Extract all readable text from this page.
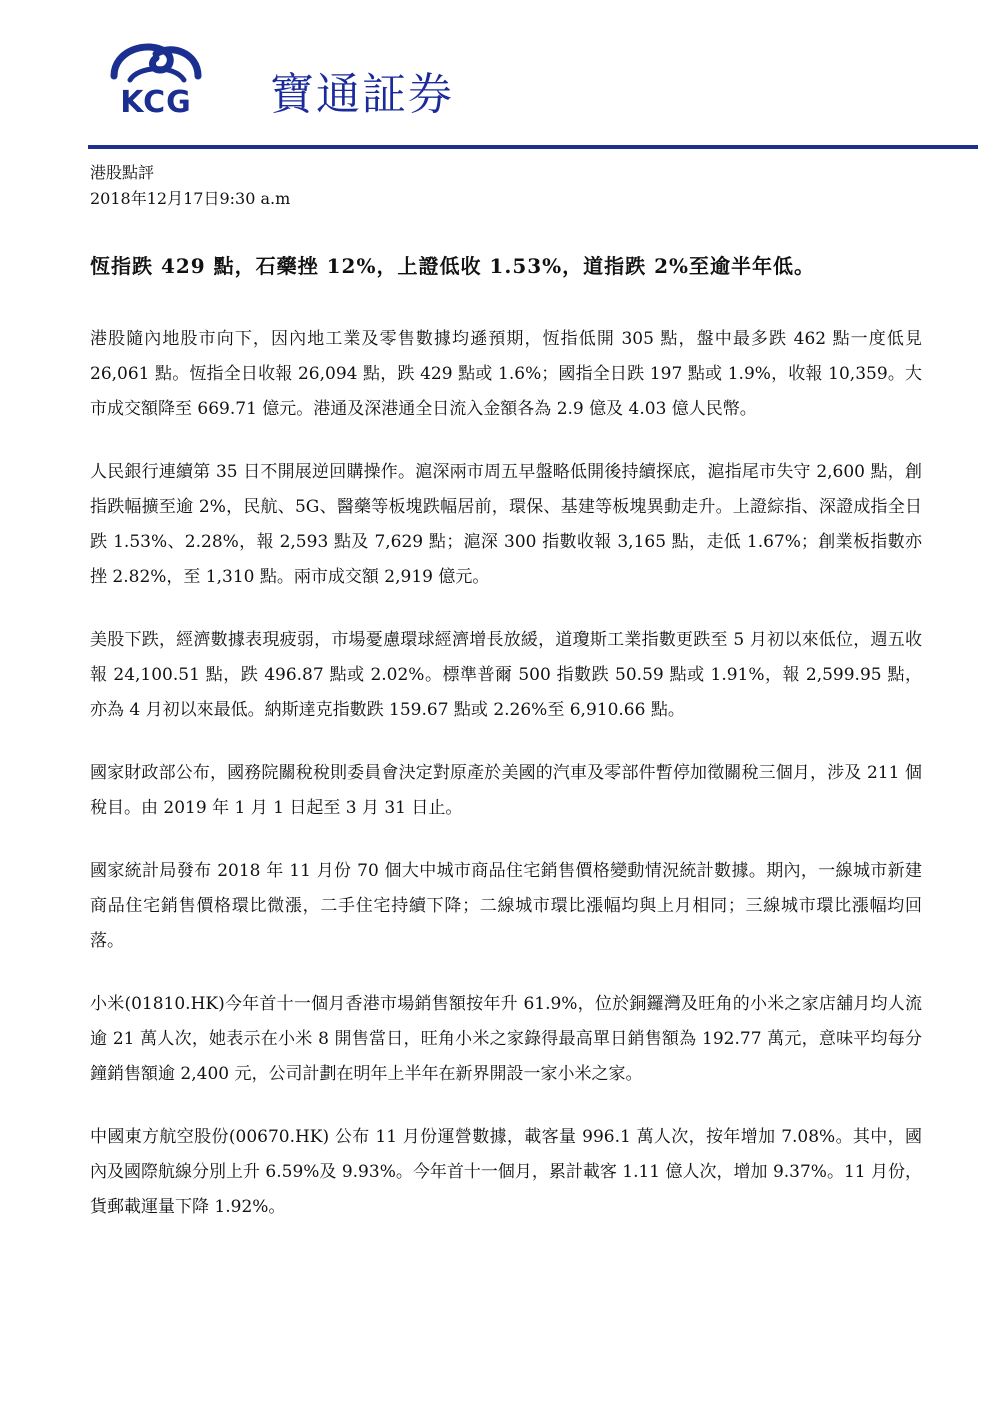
KCG 寶通証券
港股點評
2018年12月17日9:30 a.m
恆指跌 429 點，石藥挫 12%，上證低收 1.53%，道指跌 2%至逾半年低。

港股隨內地股市向下，因內地工業及零售數據均遜預期，恆指低開 305 點，盤中最多跌 462 點一度低見 26,061 點。恆指全日收報 26,094 點，跌 429 點或 1.6%；國指全日跌 197 點或 1.9%，收報 10,359。大市成交額降至 669.71 億元。港通及深港通全日流入金額各為 2.9 億及 4.03 億人民幣。

人民銀行連續第 35 日不開展逆回購操作。滬深兩市周五早盤略低開後持續探底，滬指尾市失守 2,600 點，創指跌幅擴至逾 2%，民航、5G、醫藥等板塊跌幅居前，環保、基建等板塊異動走升。上證綜指、深證成指全日跌 1.53%、2.28%，報 2,593 點及 7,629 點；滬深 300 指數收報 3,165 點，走低 1.67%；創業板指數亦挫 2.82%，至 1,310 點。兩市成交額 2,919 億元。

美股下跌，經濟數據表現疲弱，市場憂慮環球經濟增長放緩，道瓊斯工業指數更跌至 5 月初以來低位，週五收報 24,100.51 點，跌 496.87 點或 2.02%。標準普爾 500 指數跌 50.59 點或 1.91%，報 2,599.95 點，亦為 4 月初以來最低。納斯達克指數跌 159.67 點或 2.26%至 6,910.66 點。

國家財政部公布，國務院關稅稅則委員會決定對原產於美國的汽車及零部件暫停加徵關稅三個月，涉及 211 個稅目。由 2019 年 1 月 1 日起至 3 月 31 日止。

國家統計局發布 2018 年 11 月份 70 個大中城市商品住宅銷售價格變動情況統計數據。期內，一線城市新建商品住宅銷售價格環比微漲，二手住宅持續下降；二線城市環比漲幅均與上月相同；三線城市環比漲幅均回落。

小米(01810.HK)今年首十一個月香港市場銷售額按年升 61.9%，位於銅鑼灣及旺角的小米之家店舖月均人流逾 21 萬人次，她表示在小米 8 開售當日，旺角小米之家錄得最高單日銷售額為 192.77 萬元，意味平均每分鐘銷售額逾 2,400 元，公司計劃在明年上半年在新界開設一家小米之家。

中國東方航空股份(00670.HK) 公布 11 月份運營數據，載客量 996.1 萬人次，按年增加 7.08%。其中，國內及國際航線分別上升 6.59%及 9.93%。今年首十一個月，累計載客 1.11 億人次，增加 9.37%。11 月份，貨郵載運量下降 1.92%。
